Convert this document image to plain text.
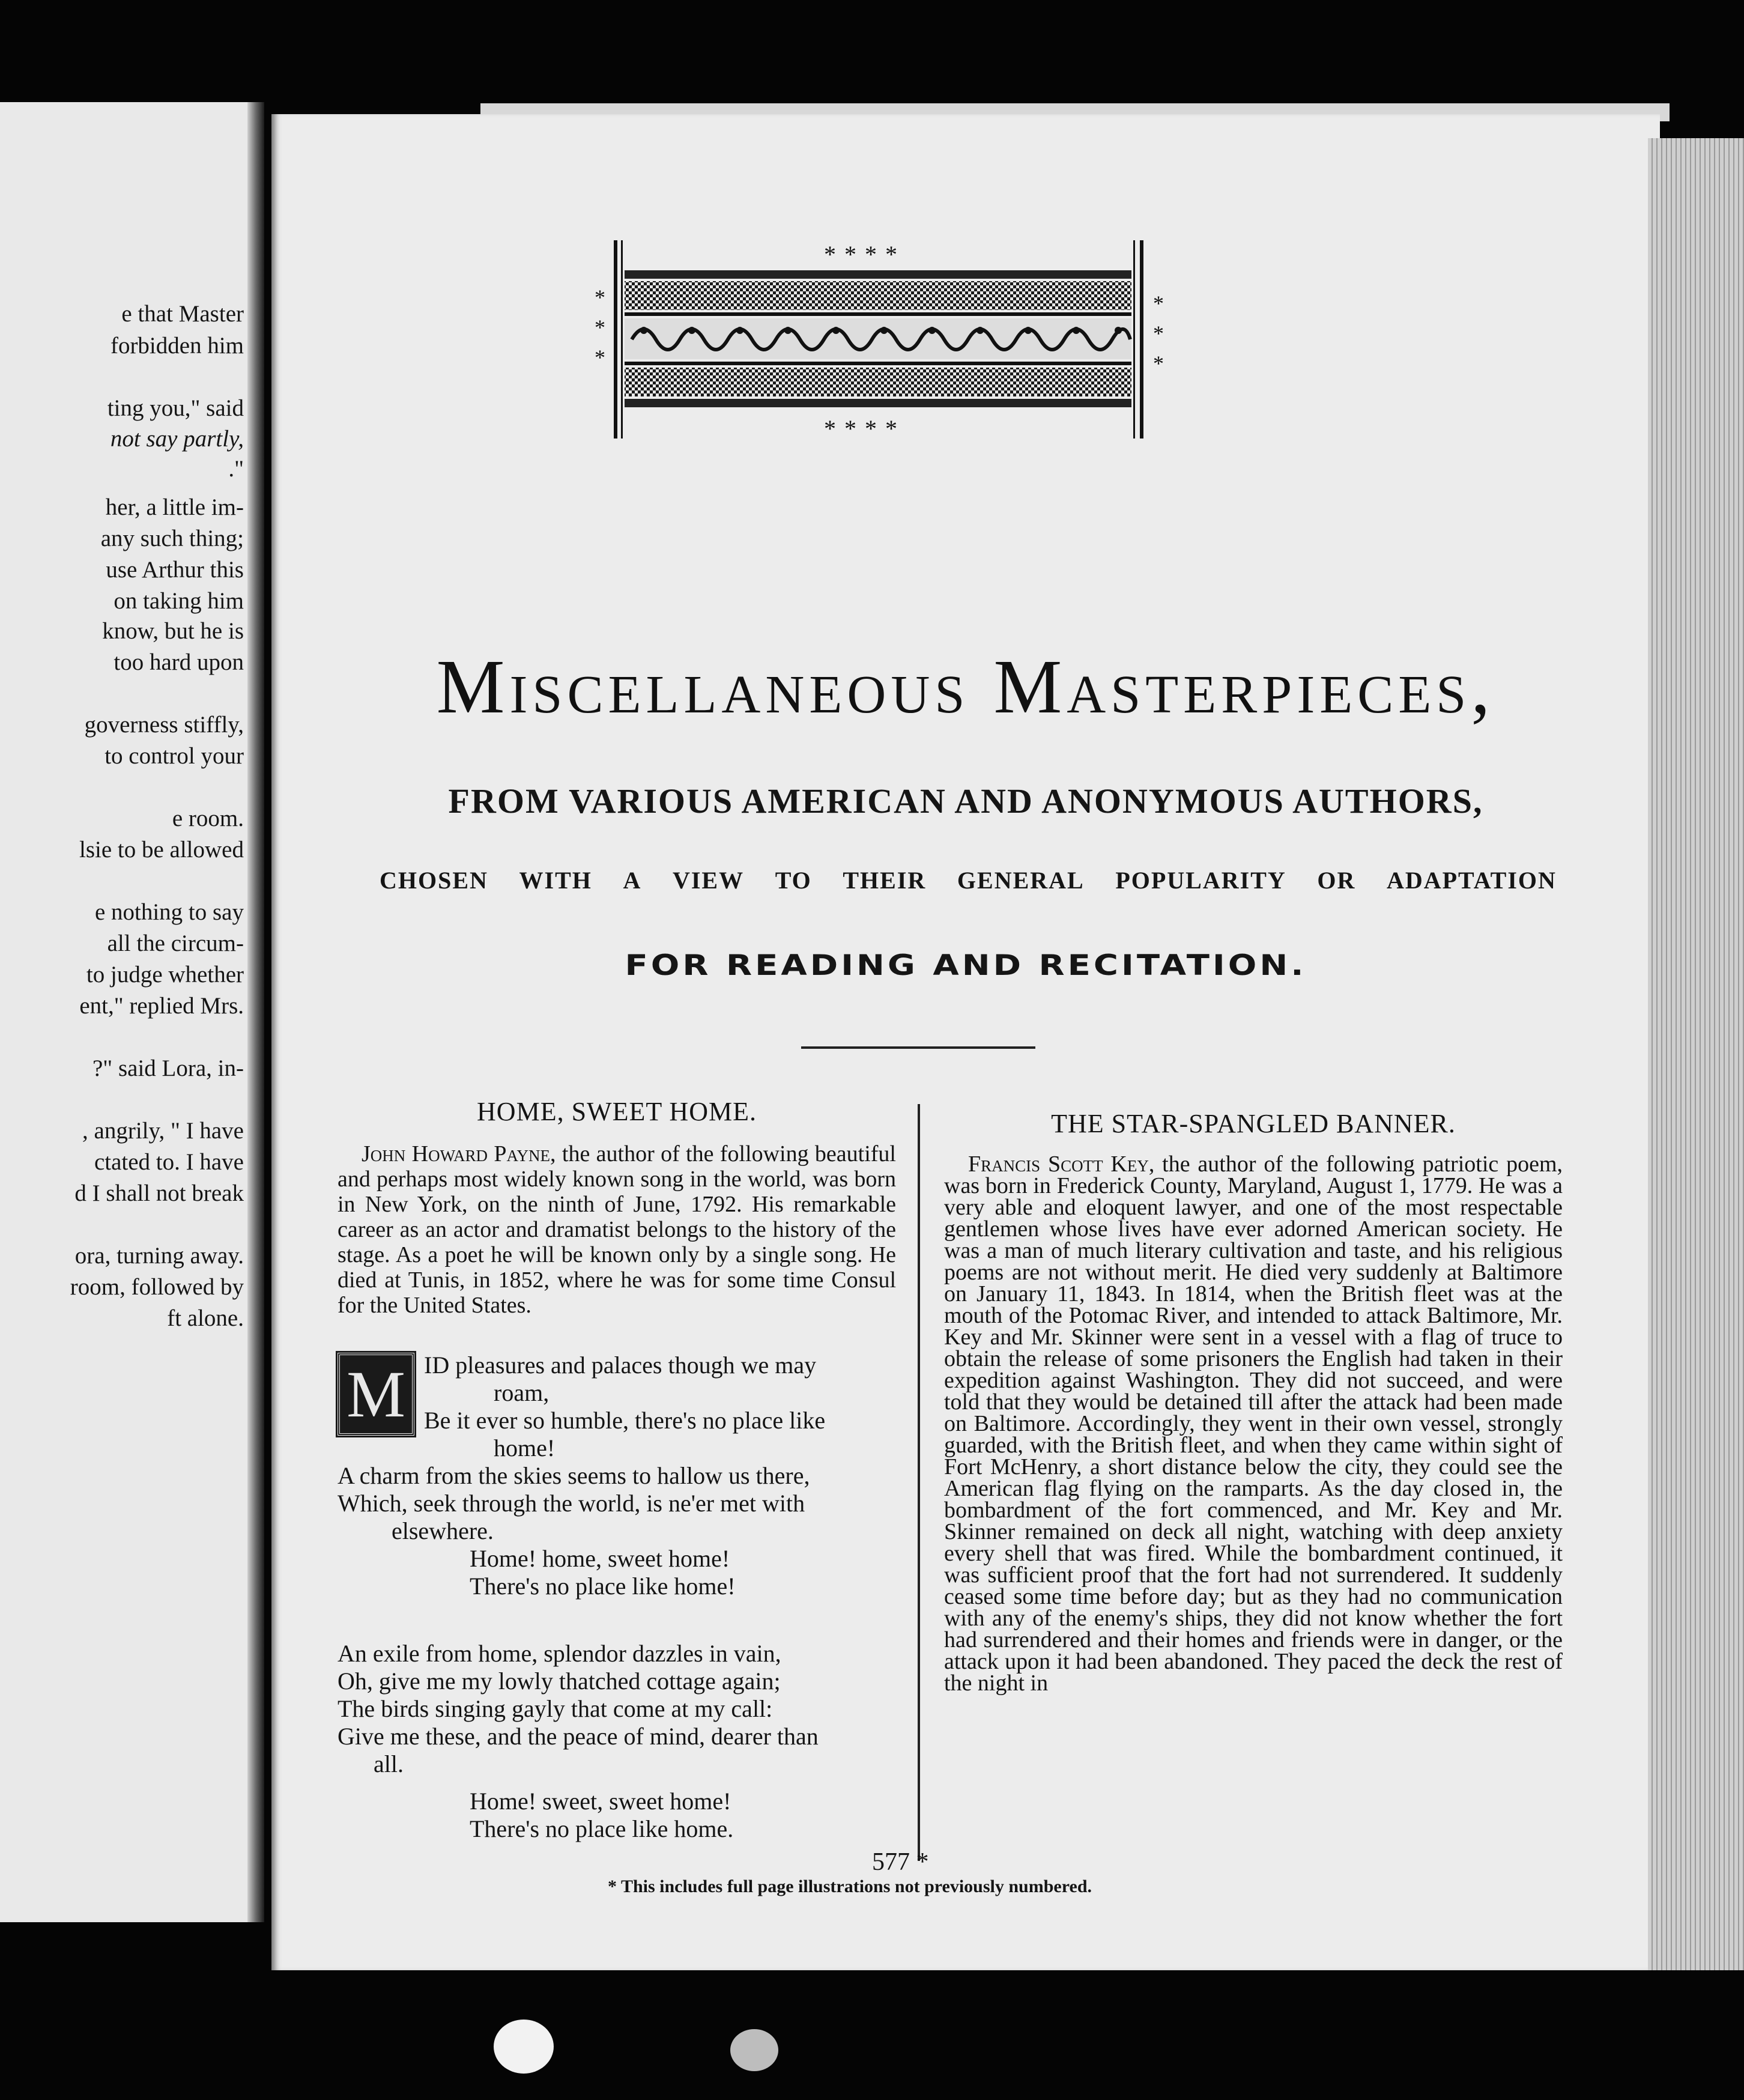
e that Master
forbidden him
ting you," said
not say partly,
."
her, a little im-
any such thing;
use Arthur this
on taking him
know, but he is
too hard upon
governess stiffly,
to control your
e room.
lsie to be allowed
e nothing to say
all the circum-
to judge whether
ent," replied Mrs.
?" said Lora, in-
, angrily, " I have
ctated to. I have
d I shall not break
ora, turning away.
room, followed by
ft alone.
****
****
*
*
*
*
*
*
Miscellaneous Masterpieces,
FROM VARIOUS AMERICAN AND ANONYMOUS AUTHORS,
CHOSEN WITH A VIEW TO THEIR GENERAL POPULARITY OR ADAPTATION
FOR READING AND RECITATION.
HOME, SWEET HOME.

John Howard Payne, the author of the following beautiful and perhaps most widely known song in the world, was born in New York, on the ninth of June, 1792. His remarkable career as an actor and dramatist belongs to the history of the stage. As a poet he will be known only by a single song. He died at Tunis, in 1852, where he was for some time Consul for the United States.

M ID pleasures and palaces though we may
roam,
Be it ever so humble, there's no place like
home!
A charm from the skies seems to hallow us there,
Which, seek through the world, is ne'er met with
elsewhere.
Home! home, sweet home!
There's no place like home!
An exile from home, splendor dazzles in vain,
Oh, give me my lowly thatched cottage again;
The birds singing gayly that come at my call:
Give me these, and the peace of mind, dearer than
all.
Home! sweet, sweet home!
There's no place like home.
THE STAR-SPANGLED BANNER.

Francis Scott Key, the author of the following patriotic poem, was born in Frederick County, Maryland, August 1, 1779. He was a very able and eloquent lawyer, and one of the most respectable gentlemen whose lives have ever adorned American society. He was a man of much literary cultivation and taste, and his religious poems are not without merit. He died very suddenly at Baltimore on January 11, 1843. In 1814, when the British fleet was at the mouth of the Potomac River, and intended to attack Baltimore, Mr. Key and Mr. Skinner were sent in a vessel with a flag of truce to obtain the release of some prisoners the English had taken in their expedition against Washington. They did not succeed, and were told that they would be detained till after the attack had been made on Baltimore. Accordingly, they went in their own vessel, strongly guarded, with the British fleet, and when they came within sight of Fort McHenry, a short distance below the city, they could see the American flag flying on the ramparts. As the day closed in, the bombardment of the fort commenced, and Mr. Key and Mr. Skinner remained on deck all night, watching with deep anxiety every shell that was fired. While the bombardment continued, it was sufficient proof that the fort had not surrendered. It suddenly ceased some time before day; but as they had no communication with any of the enemy's ships, they did not know whether the fort had surrendered and their homes and friends were in danger, or the attack upon it had been abandoned. They paced the deck the rest of the night in

577 *
* This includes full page illustrations not previously numbered.
